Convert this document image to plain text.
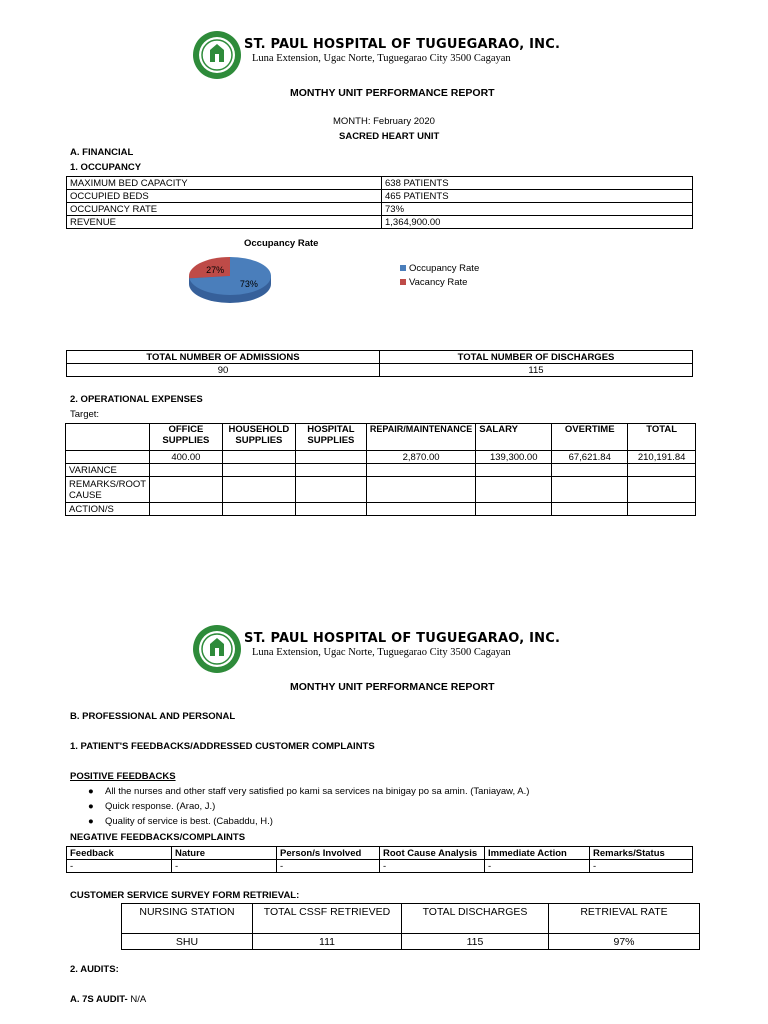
ST. PAUL HOSPITAL OF TUGUEGARAO, INC.
Luna Extension, Ugac Norte, Tuguegarao City 3500 Cagayan
MONTHY UNIT PERFORMANCE REPORT
MONTH: February 2020
SACRED HEART UNIT
A. FINANCIAL
1. OCCUPANCY
MAXIMUM BED CAPACITY	638 PATIENTS
OCCUPIED BEDS	465 PATIENTS
OCCUPANCY RATE	73%
REVENUE	1,364,900.00
Occupancy Rate
27%
73%
Occupancy Rate
Vacancy Rate
TOTAL NUMBER OF ADMISSIONS	TOTAL NUMBER OF DISCHARGES
90	115
2. OPERATIONAL EXPENSES
Target:
	OFFICE SUPPLIES	HOUSEHOLD SUPPLIES	HOSPITAL SUPPLIES	REPAIR/MAINTENANCE	SALARY	OVERTIME	TOTAL
	400.00			2,870.00	139,300.00	67,621.84	210,191.84
VARIANCE							
REMARKS/ROOT CAUSE							
ACTION/S							
ST. PAUL HOSPITAL OF TUGUEGARAO, INC.
Luna Extension, Ugac Norte, Tuguegarao City 3500 Cagayan
MONTHY UNIT PERFORMANCE REPORT
B. PROFESSIONAL AND PERSONAL
1. PATIENT'S FEEDBACKS/ADDRESSED CUSTOMER COMPLAINTS
POSITIVE FEEDBACKS
● All the nurses and other staff very satisfied po kami sa services na binigay po sa amin. (Taniayaw, A.)
● Quick response. (Arao, J.)
● Quality of service is best. (Cabaddu, H.)
NEGATIVE FEEDBACKS/COMPLAINTS
Feedback	Nature	Person/s Involved	Root Cause Analysis	Immediate Action	Remarks/Status
-	-	-	-	-	-
CUSTOMER SERVICE SURVEY FORM RETRIEVAL:
NURSING STATION	TOTAL CSSF RETRIEVED	TOTAL DISCHARGES	RETRIEVAL RATE
SHU	111	115	97%
2. AUDITS:
A. 7S AUDIT- N/A
